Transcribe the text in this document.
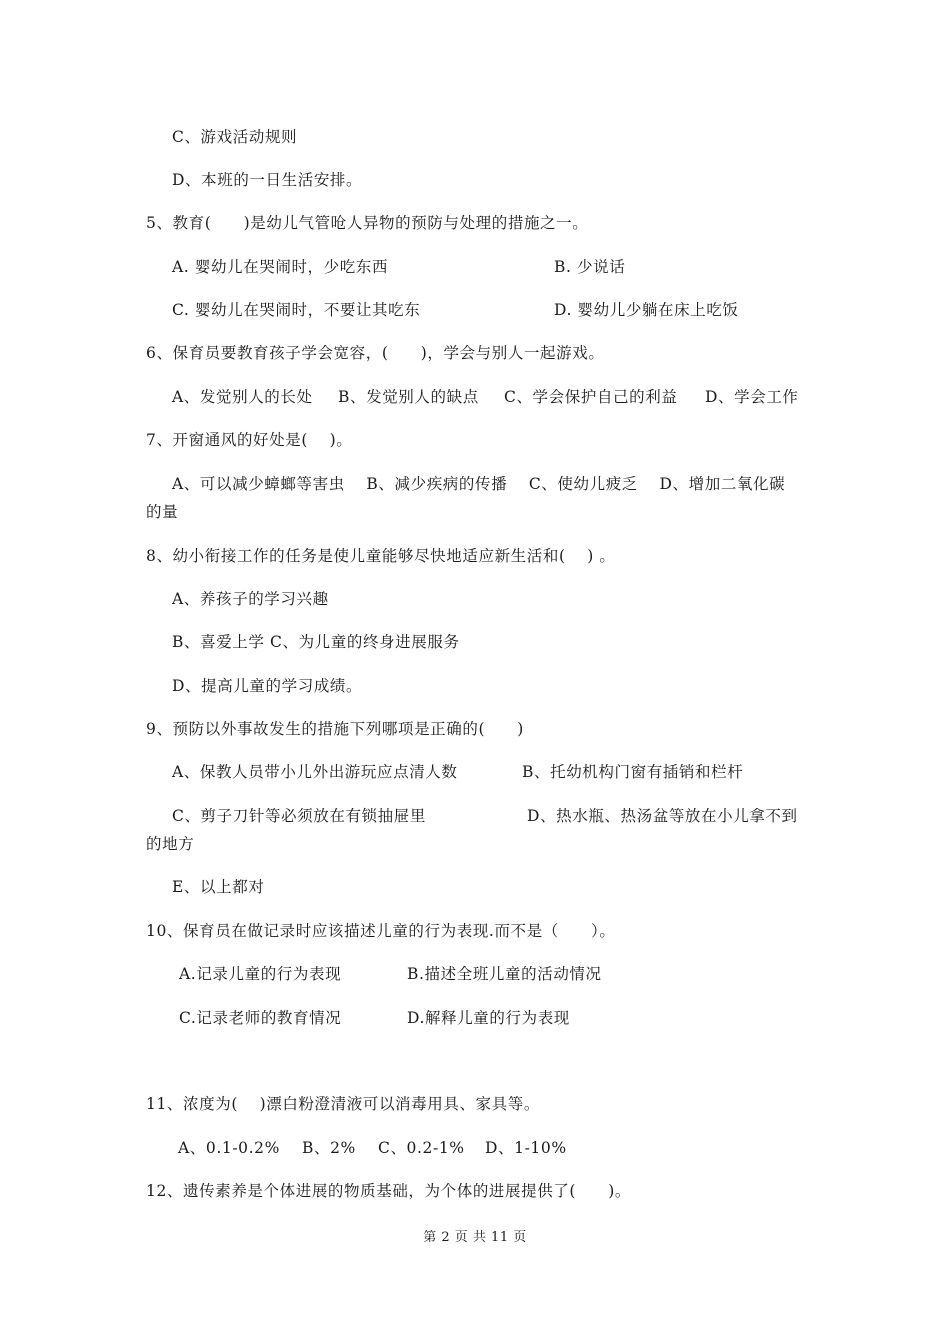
C、游戏活动规则
D、本班的一日生活安排。
5、教育(　　)是幼儿气管呛人异物的预防与处理的措施之一。
A. 婴幼儿在哭闹时，少吃东西	B. 少说话
C. 婴幼儿在哭闹时，不要让其吃东	D. 婴幼儿少躺在床上吃饭
6、保育员要教育孩子学会宽容，(　　)，学会与别人一起游戏。
A、发觉别人的长处 B、发觉别人的缺点 C、学会保护自己的利益 D、学会工作
7、开窗通风的好处是(　 )。
A、可以减少蟑螂等害虫　 B、减少疾病的传播　 C、使幼儿疲乏　 D、增加二氧化碳
的量
8、幼小衔接工作的任务是使儿童能够尽快地适应新生活和(　 ) 。
A、养孩子的学习兴趣
B、喜爱上学 C、为儿童的终身进展服务
D、提高儿童的学习成绩。
9、预防以外事故发生的措施下列哪项是正确的(　　)
A、保教人员带小儿外出游玩应点清人数	B、托幼机构门窗有插销和栏杆
C、剪子刀针等必须放在有锁抽屉里	D、热水瓶、热汤盆等放在小儿拿不到
的地方
E、以上都对
10、保育员在做记录时应该描述儿童的行为表现.而不是（　　）。
A.记录儿童的行为表现	B.描述全班儿童的活动情况
C.记录老师的教育情况	D.解释儿童的行为表现
11、浓度为(　 )漂白粉澄清液可以消毒用具、家具等。
A、0.1-0.2% B、2% C、0.2-1% D、1-10%
12、遗传素养是个体进展的物质基础，为个体的进展提供了(　　)。
第 2 页 共 11 页
